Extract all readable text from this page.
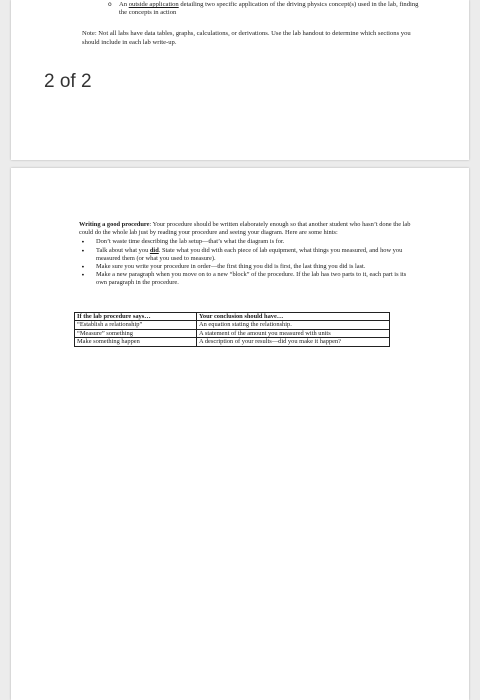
o An outside application detailing two specific application of the driving physics concept(s) used in the lab, finding the concepts in action
Note: Not all labs have data tables, graphs, calculations, or derivations. Use the lab handout to determine which sections you should include in each lab write-up.
2 of 2
Writing a good procedure: Your procedure should be written elaborately enough so that another student who hasn’t done the lab could do the whole lab just by reading your procedure and seeing your diagram. Here are some hints:
• Don’t waste time describing the lab setup—that’s what the diagram is for.
• Talk about what you did. State what you did with each piece of lab equipment, what things you measured, and how you measured them (or what you used to measure).
• Make sure you write your procedure in order—the first thing you did is first, the last thing you did is last.
• Make a new paragraph when you move on to a new “block” of the procedure. If the lab has two parts to it, each part is its own paragraph in the procedure.
If the lab procedure says…	Your conclusion should have…
“Establish a relationship”	An equation stating the relationship.
“Measure” something	A statement of the amount you measured with units
Make something happen	A description of your results—did you make it happen?
